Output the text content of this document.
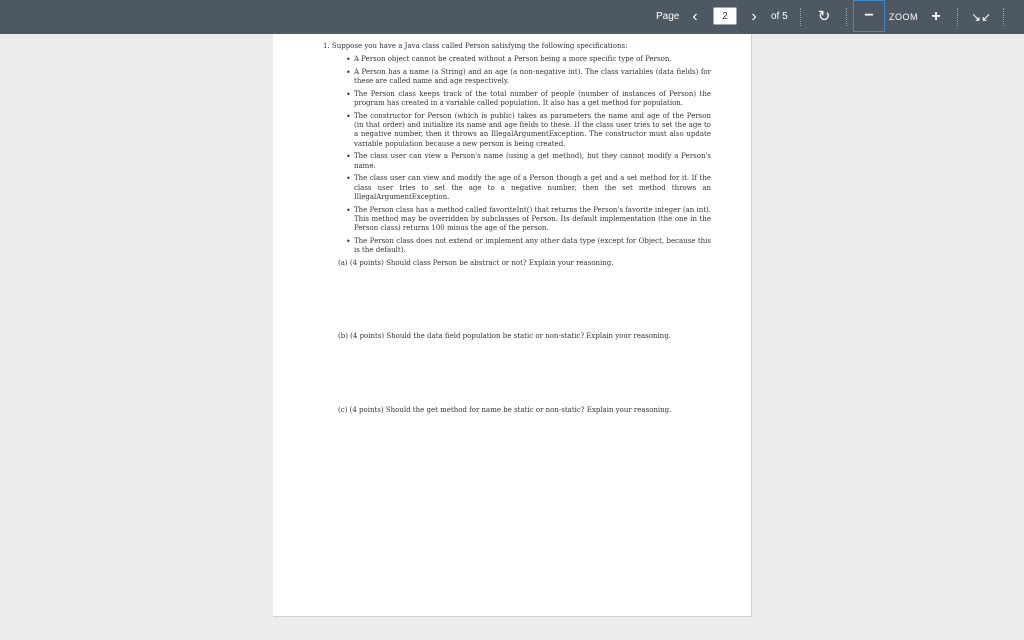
Page ‹
2	›	of 5 ↻	−	ZOOM +	↘↙
1. Suppose you have a Java class called Person satisfying the following specifications:
• A Person object cannot be created without a Person being a more specific type of Person.
• A Person has a name (a String) and an age (a non-negative int). The class variables (data fields) for these are called name and age respectively.
• The Person class keeps track of the total number of people (number of instances of Person) the program has created in a variable called population. It also has a get method for population.
• The constructor for Person (which is public) takes as parameters the name and age of the Person (in that order) and initialize its name and age fields to these. If the class user tries to set the age to a negative number, then it throws an IllegalArgumentException. The constructor must also update variable population because a new person is being created.
• The class user can view a Person's name (using a get method), but they cannot modify a Person's name.
• The class user can view and modify the age of a Person though a get and a set method for it. If the class user tries to set the age to a negative number, then the set method throws an IllegalArgumentException.
• The Person class has a method called favoriteInt() that returns the Person's favorite integer (an int). This method may be overridden by subclasses of Person. Its default implementation (the one in the Person class) returns 100 minus the age of the person.
• The Person class does not extend or implement any other data type (except for Object, because this is the default).
(a) (4 points) Should class Person be abstract or not? Explain your reasoning.
(b) (4 points) Should the data field population be static or non-static? Explain your reasoning.
(c) (4 points) Should the get method for name be static or non-static? Explain your reasoning.
